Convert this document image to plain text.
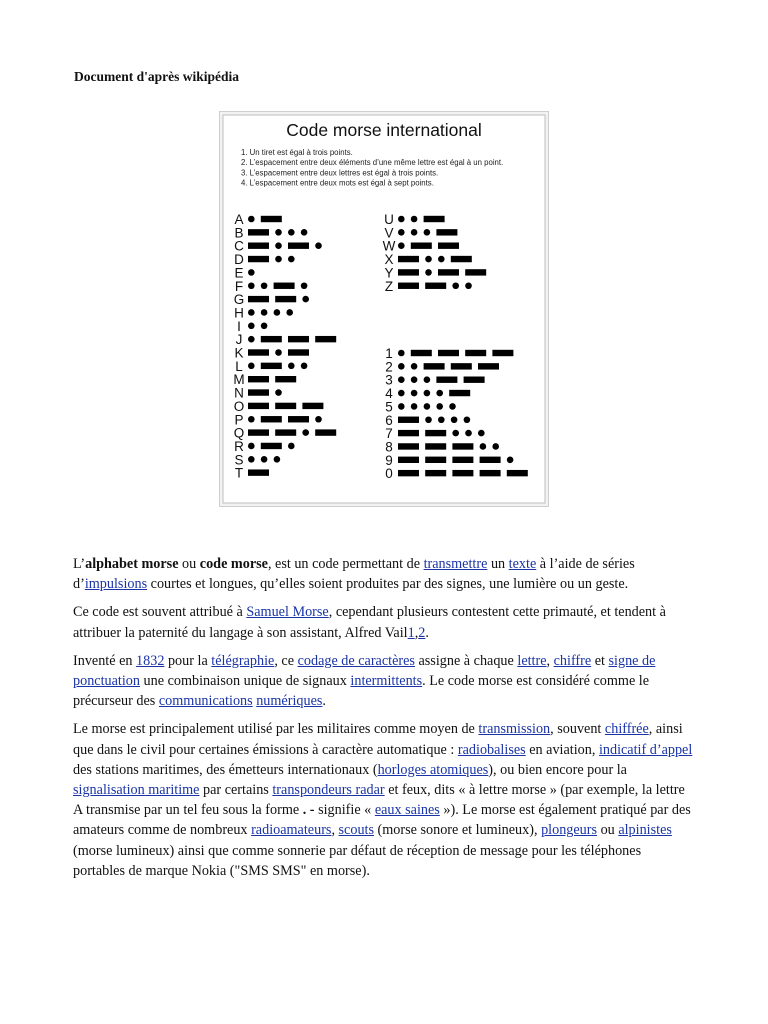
Document d'après wikipédia
Code morse international
1. Un tiret est égal à trois points.
2. L’espacement entre deux éléments d’une même lettre est égal à un point.
3. L’espacement entre deux lettres est égal à trois points.
4. L’espacement entre deux mots est égal à sept points.
A
B
C
D
E
F
G
H
I
J
K
L
M
N
O
P
Q
R
S
T
U
V
W
X
Y
Z
1
2
3
4
5
6
7
8
9
0

L’alphabet morse ou code morse, est un code permettant de transmettre un texte à l’aide de séries d’impulsions courtes et longues, qu’elles soient produites par des signes, une lumière ou un geste.

Ce code est souvent attribué à Samuel Morse, cependant plusieurs contestent cette primauté, et tendent à attribuer la paternité du langage à son assistant, Alfred Vail1,2.

Inventé en 1832 pour la télégraphie, ce codage de caractères assigne à chaque lettre, chiffre et signe de ponctuation une combinaison unique de signaux intermittents. Le code morse est considéré comme le précurseur des communications numériques.

Le morse est principalement utilisé par les militaires comme moyen de transmission, souvent chiffrée, ainsi que dans le civil pour certaines émissions à caractère automatique : radiobalises en aviation, indicatif d’appel des stations maritimes, des émetteurs internationaux (horloges atomiques), ou bien encore pour la signalisation maritime par certains transpondeurs radar et feux, dits « à lettre morse » (par exemple, la lettre A transmise par un tel feu sous la forme . - signifie « eaux saines »). Le morse est également pratiqué par des amateurs comme de nombreux radioamateurs, scouts (morse sonore et lumineux), plongeurs ou alpinistes (morse lumineux) ainsi que comme sonnerie par défaut de réception de message pour les téléphones portables de marque Nokia ("SMS SMS" en morse).
